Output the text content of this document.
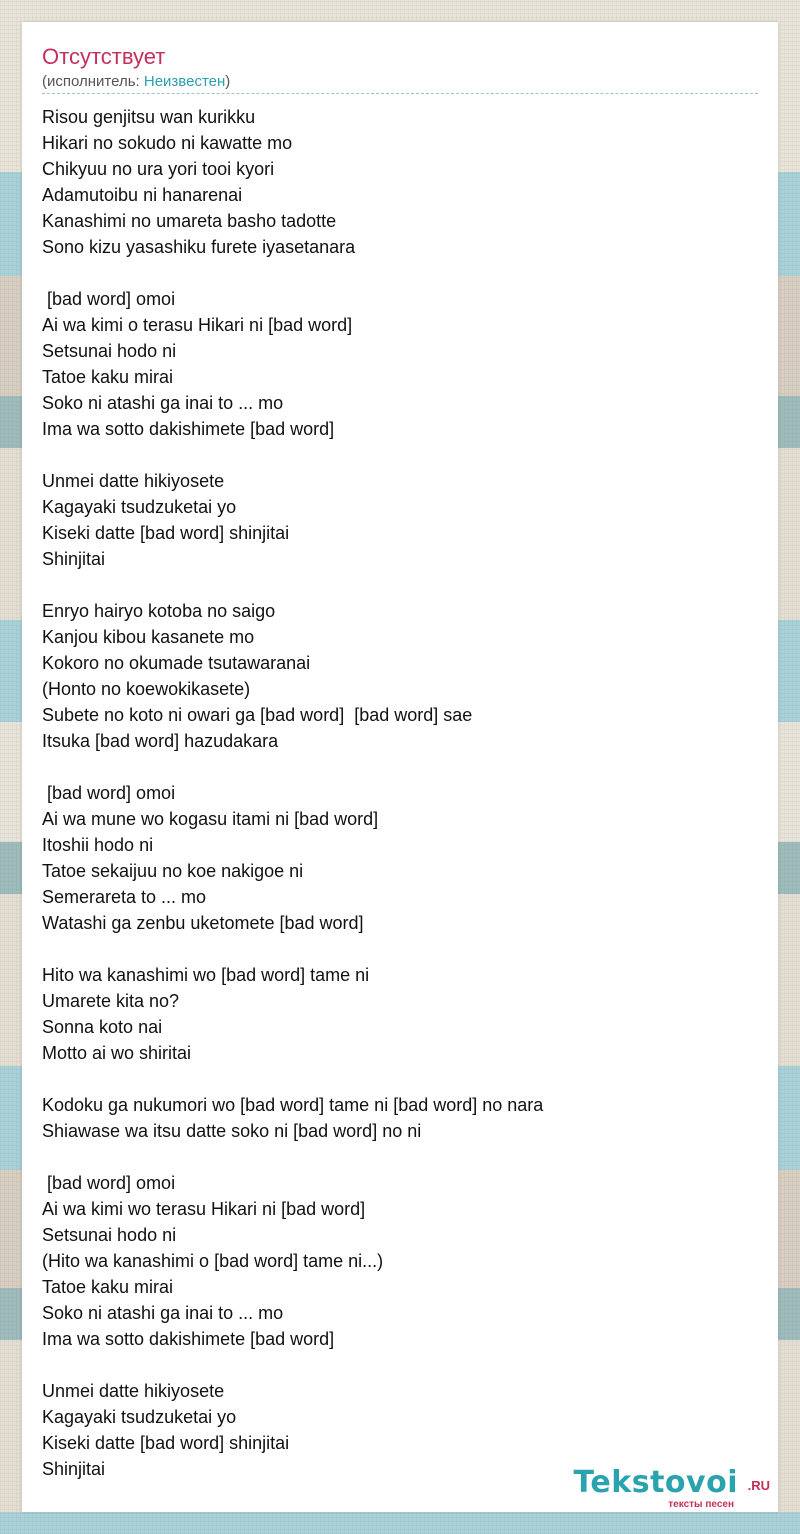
Отсутствует
(исполнитель: Неизвестен)
Risou genjitsu wan kurikku
Hikari no sokudo ni kawatte mo
Chikyuu no ura yori tooi kyori
Adamutoibu ni hanarenai
Kanashimi no umareta basho tadotte
Sono kizu yasashiku furete iyasetanara
[bad word] omoi
Ai wa kimi o terasu Hikari ni [bad word]
Setsunai hodo ni
Tatoe kaku mirai
Soko ni atashi ga inai to ... mo
Ima wa sotto dakishimete [bad word]
Unmei datte hikiyosete
Kagayaki tsudzuketai yo
Kiseki datte [bad word] shinjitai
Shinjitai
Enryo hairyo kotoba no saigo
Kanjou kibou kasanete mo
Kokoro no okumade tsutawaranai
(Honto no koewokikasete)
Subete no koto ni owari ga [bad word]  [bad word] sae
Itsuka [bad word] hazudakara
[bad word] omoi
Ai wa mune wo kogasu itami ni [bad word]
Itoshii hodo ni
Tatoe sekaijuu no koe nakigoe ni
Semerareta to ... mo
Watashi ga zenbu uketomete [bad word]
Hito wa kanashimi wo [bad word] tame ni
Umarete kita no?
Sonna koto nai
Motto ai wo shiritai
Kodoku ga nukumori wo [bad word] tame ni [bad word] no nara
Shiawase wa itsu datte soko ni [bad word] no ni
[bad word] omoi
Ai wa kimi wo terasu Hikari ni [bad word]
Setsunai hodo ni
(Hito wa kanashimi o [bad word] tame ni...)
Tatoe kaku mirai
Soko ni atashi ga inai to ... mo
Ima wa sotto dakishimete [bad word]
Unmei datte hikiyosete
Kagayaki tsudzuketai yo
Kiseki datte [bad word] shinjitai
Shinjitai	Tekstovoi .RU
тексты песен
